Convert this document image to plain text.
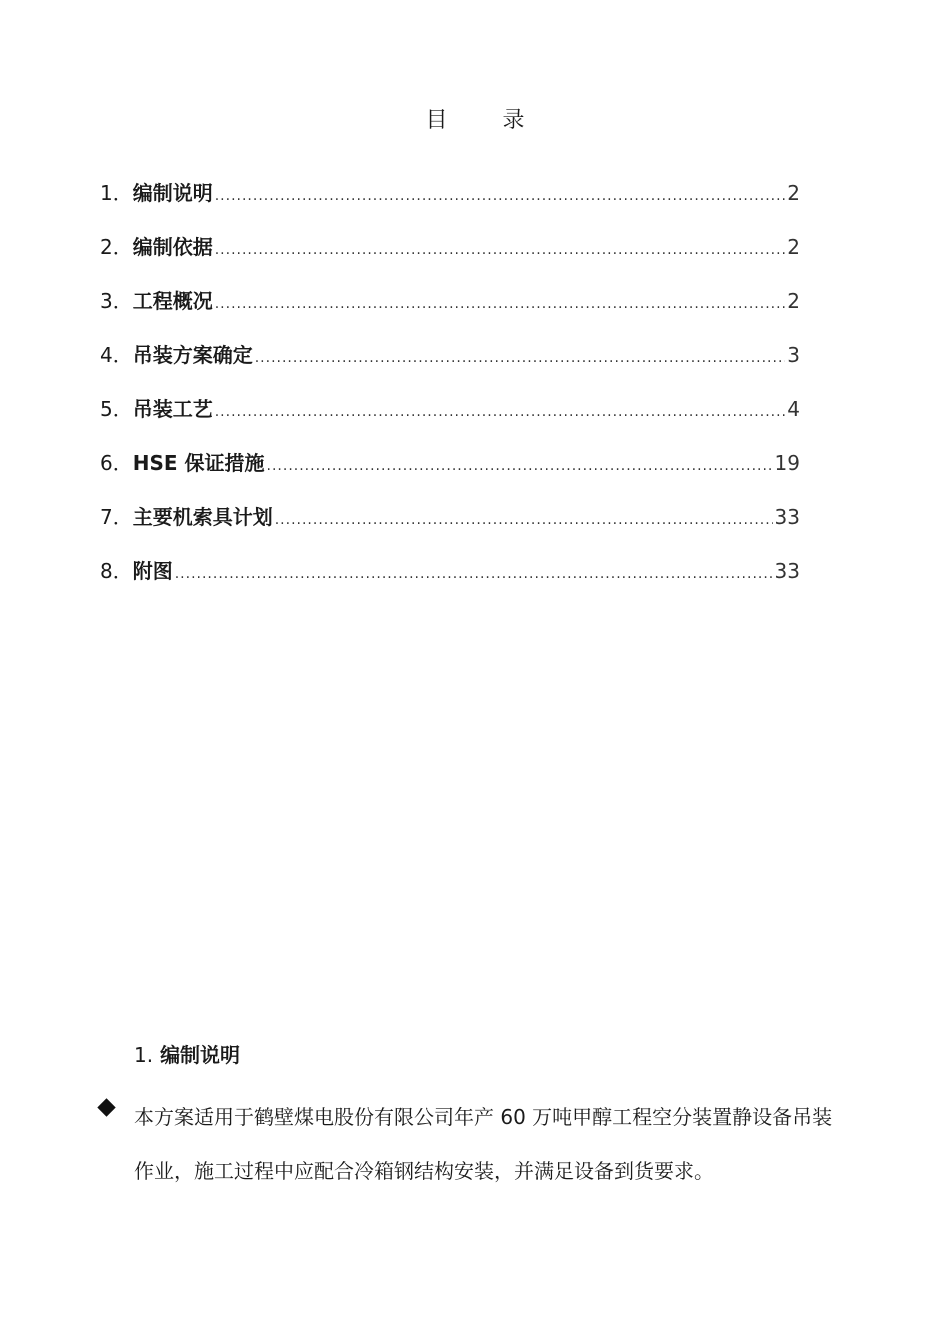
目 录
1． 编制说明 .....	2
2． 编制依据 .....	2
3． 工程概况 .....	2
4． 吊装方案确定 .....	3
5． 吊装工艺 .....	4
6． HSE 保证措施 .....	19
7． 主要机索具计划 .....	33
8． 附图 .....	33
1. 编制说明
本方案适用于鹤壁煤电股份有限公司年产 60 万吨甲醇工程空分装置静设备吊装作业，施工过程中应配合冷箱钢结构安装，并满足设备到货要求。
